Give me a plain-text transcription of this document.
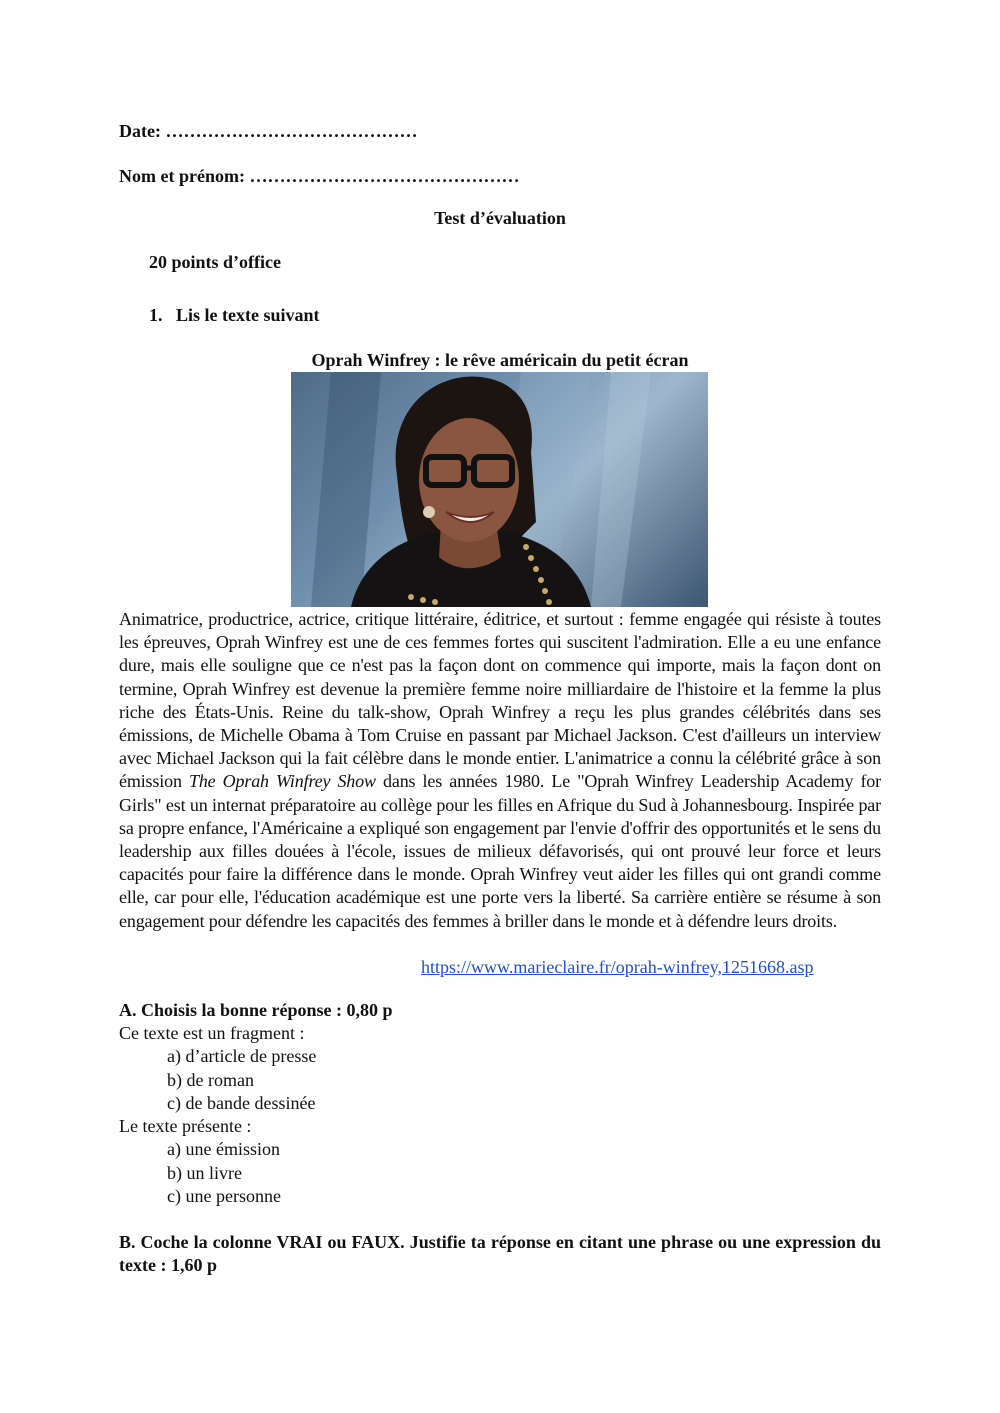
Date: ……………………………………
Nom et prénom: ………………………………………
Test d’évaluation
20 points d’office
1. Lis le texte suivant
Oprah Winfrey : le rêve américain du petit écran
Animatrice, productrice, actrice, critique littéraire, éditrice, et surtout : femme engagée qui résiste à toutes les épreuves, Oprah Winfrey est une de ces femmes fortes qui suscitent l'admiration. Elle a eu une enfance dure, mais elle souligne que ce n'est pas la façon dont on commence qui importe, mais la façon dont on termine, Oprah Winfrey est devenue la première femme noire milliardaire de l'histoire et la femme la plus riche des États-Unis. Reine du talk-show, Oprah Winfrey a reçu les plus grandes célébrités dans ses émissions, de Michelle Obama à Tom Cruise en passant par Michael Jackson. C'est d'ailleurs un interview avec Michael Jackson qui la fait célèbre dans le monde entier. L'animatrice a connu la célébrité grâce à son émission The Oprah Winfrey Show dans les années 1980. Le "Oprah Winfrey Leadership Academy for Girls" est un internat préparatoire au collège pour les filles en Afrique du Sud à Johannesbourg. Inspirée par sa propre enfance, l'Américaine a expliqué son engagement par l'envie d'offrir des opportunités et le sens du leadership aux filles douées à l'école, issues de milieux défavorisés, qui ont prouvé leur force et leurs capacités pour faire la différence dans le monde. Oprah Winfrey veut aider les filles qui ont grandi comme elle, car pour elle, l'éducation académique est une porte vers la liberté. Sa carrière entière se résume à son engagement pour défendre les capacités des femmes à briller dans le monde et à défendre leurs droits.
https://www.marieclaire.fr/oprah-winfrey,1251668.asp
A. Choisis la bonne réponse : 0,80 p
Ce texte est un fragment :
a) d’article de presse
b) de roman
c) de bande dessinée
Le texte présente :
a) une émission
b) un livre
c) une personne
B. Coche la colonne VRAI ou FAUX. Justifie ta réponse en citant une phrase ou une expression du texte : 1,60 p
